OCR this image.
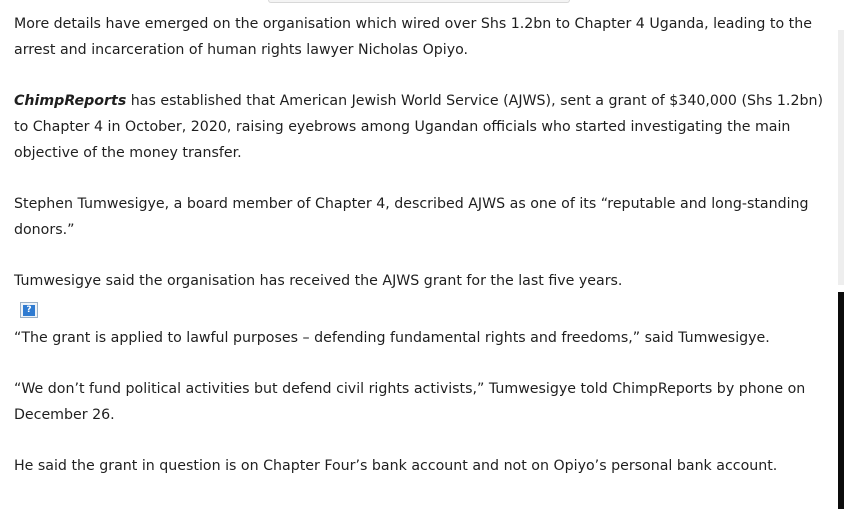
More details have emerged on the organisation which wired over Shs 1.2bn to Chapter 4 Uganda, leading to the arrest and incarceration of human rights lawyer Nicholas Opiyo.

ChimpReports has established that American Jewish World Service (AJWS), sent a grant of $340,000 (Shs 1.2bn) to Chapter 4 in October, 2020, raising eyebrows among Ugandan officials who started investigating the main objective of the money transfer.

Stephen Tumwesigye, a board member of Chapter 4, described AJWS as one of its “reputable and long-standing donors.”

Tumwesigye said the organisation has received the AJWS grant for the last five years.

?

“The grant is applied to lawful purposes – defending fundamental rights and freedoms,” said Tumwesigye.

“We don’t fund political activities but defend civil rights activists,” Tumwesigye told ChimpReports by phone on December 26.

He said the grant in question is on Chapter Four’s bank account and not on Opiyo’s personal bank account.
